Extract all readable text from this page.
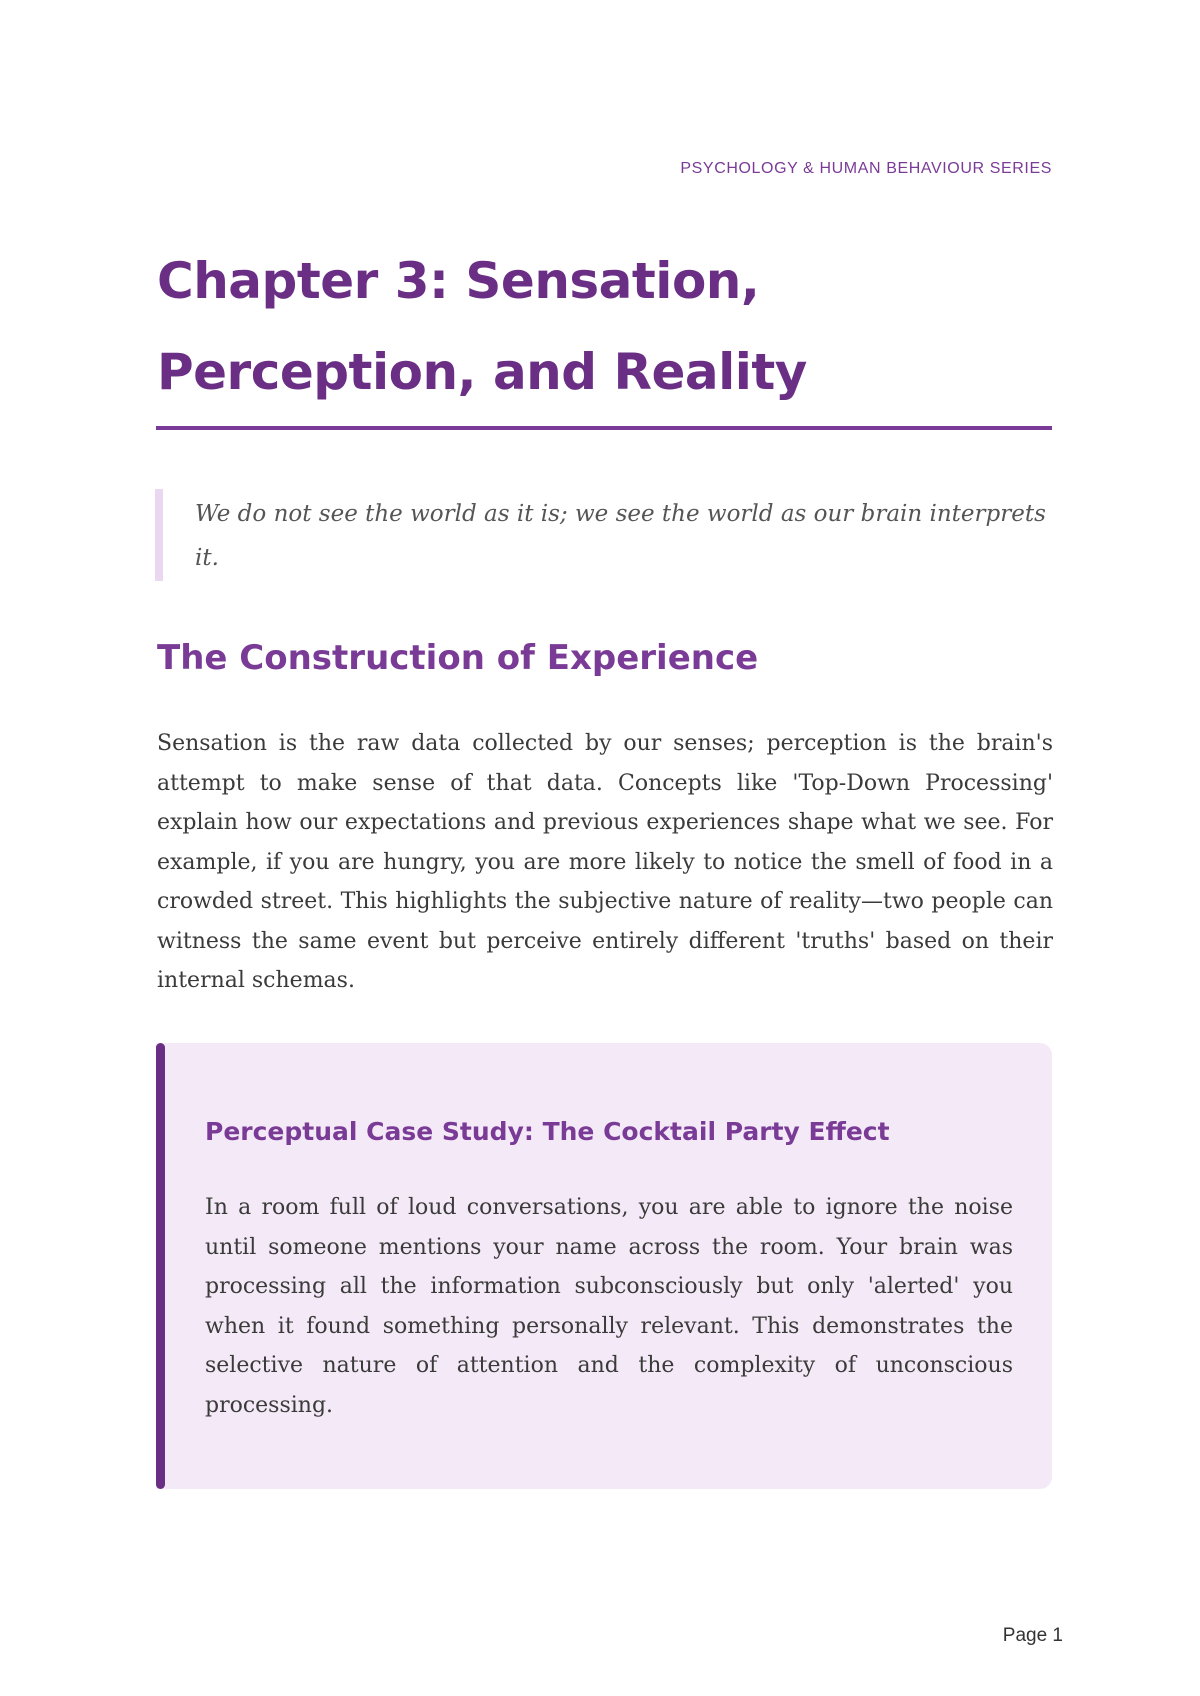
PSYCHOLOGY & HUMAN BEHAVIOUR SERIES
Chapter 3: Sensation, Perception, and Reality
We do not see the world as it is; we see the world as our brain interprets it.
The Construction of Experience

Sensation is the raw data collected by our senses; perception is the brain's attempt to make sense of that data. Concepts like 'Top-Down Processing' explain how our expectations and previous experiences shape what we see. For example, if you are hungry, you are more likely to notice the smell of food in a crowded street. This highlights the subjective nature of reality—two people can witness the same event but perceive entirely different 'truths' based on their internal schemas.

Perceptual Case Study: The Cocktail Party Effect

In a room full of loud conversations, you are able to ignore the noise until someone mentions your name across the room. Your brain was processing all the information subconsciously but only 'alerted' you when it found something personally relevant. This demonstrates the selective nature of attention and the complexity of unconscious processing.

Page 1
